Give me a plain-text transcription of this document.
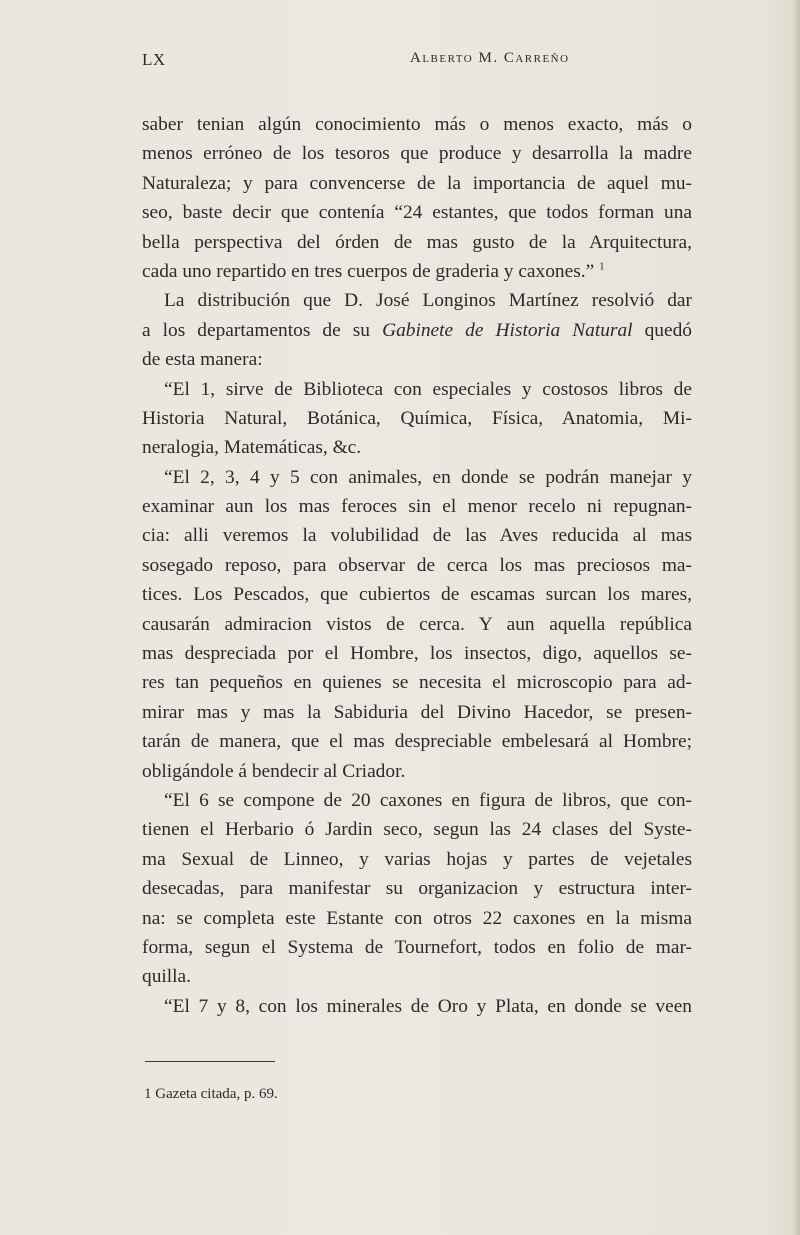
LX	Alberto M. Carreño
saber tenian algún conocimiento más o menos exacto, más o
menos erróneo de los tesoros que produce y desarrolla la madre
Naturaleza; y para convencerse de la importancia de aquel mu-
seo, baste decir que contenía “24 estantes, que todos forman una
bella perspectiva del órden de mas gusto de la Arquitectura,
cada uno repartido en tres cuerpos de graderia y caxones.” $^1$
La distribución que D. José Longinos Martínez resolvió dar
a los departamentos de su Gabinete de Historia Natural quedó
de esta manera:
“El 1, sirve de Biblioteca con especiales y costosos libros de
Historia Natural, Botánica, Química, Física, Anatomia, Mi-
neralogia, Matemáticas, &c.
“El 2, 3, 4 y 5 con animales, en donde se podrán manejar y
examinar aun los mas feroces sin el menor recelo ni repugnan-
cia: alli veremos la volubilidad de las Aves reducida al mas
sosegado reposo, para observar de cerca los mas preciosos ma-
tices. Los Pescados, que cubiertos de escamas surcan los mares,
causarán admiracion vistos de cerca. Y aun aquella república
mas despreciada por el Hombre, los insectos, digo, aquellos se-
res tan pequeños en quienes se necesita el microscopio para ad-
mirar mas y mas la Sabiduria del Divino Hacedor, se presen-
tarán de manera, que el mas despreciable embelesará al Hombre;
obligándole á bendecir al Criador.
“El 6 se compone de 20 caxones en figura de libros, que con-
tienen el Herbario ó Jardin seco, segun las 24 clases del Syste-
ma Sexual de Linneo, y varias hojas y partes de vejetales
desecadas, para manifestar su organizacion y estructura inter-
na: se completa este Estante con otros 22 caxones en la misma
forma, segun el Systema de Tournefort, todos en folio de mar-
quilla.
“El 7 y 8, con los minerales de Oro y Plata, en donde se veen
1 Gazeta citada, p. 69.
